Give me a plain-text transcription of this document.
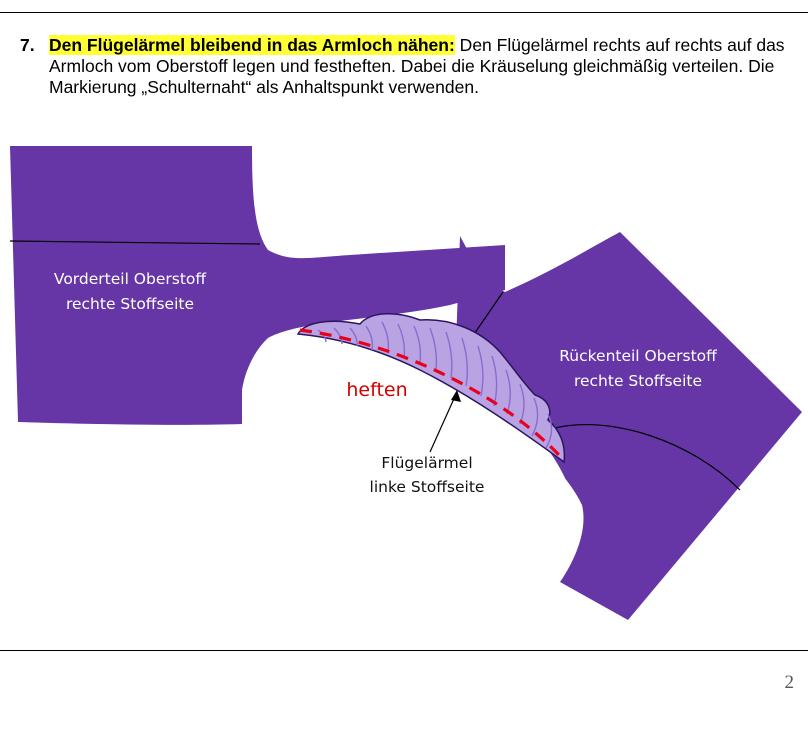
7. Den Flügelärmel bleibend in das Armloch nähen: Den Flügelärmel rechts auf rechts auf das Armloch vom Oberstoff legen und festheften. Dabei die Kräuselung gleichmäßig verteilen. Die Markierung „Schulternaht“ als Anhaltspunkt verwenden.
Vorderteil Oberstoff
rechte Stoffseite
Rückenteil Oberstoff
rechte Stoffseite
heften
Flügelärmel
linke Stoffseite
2
